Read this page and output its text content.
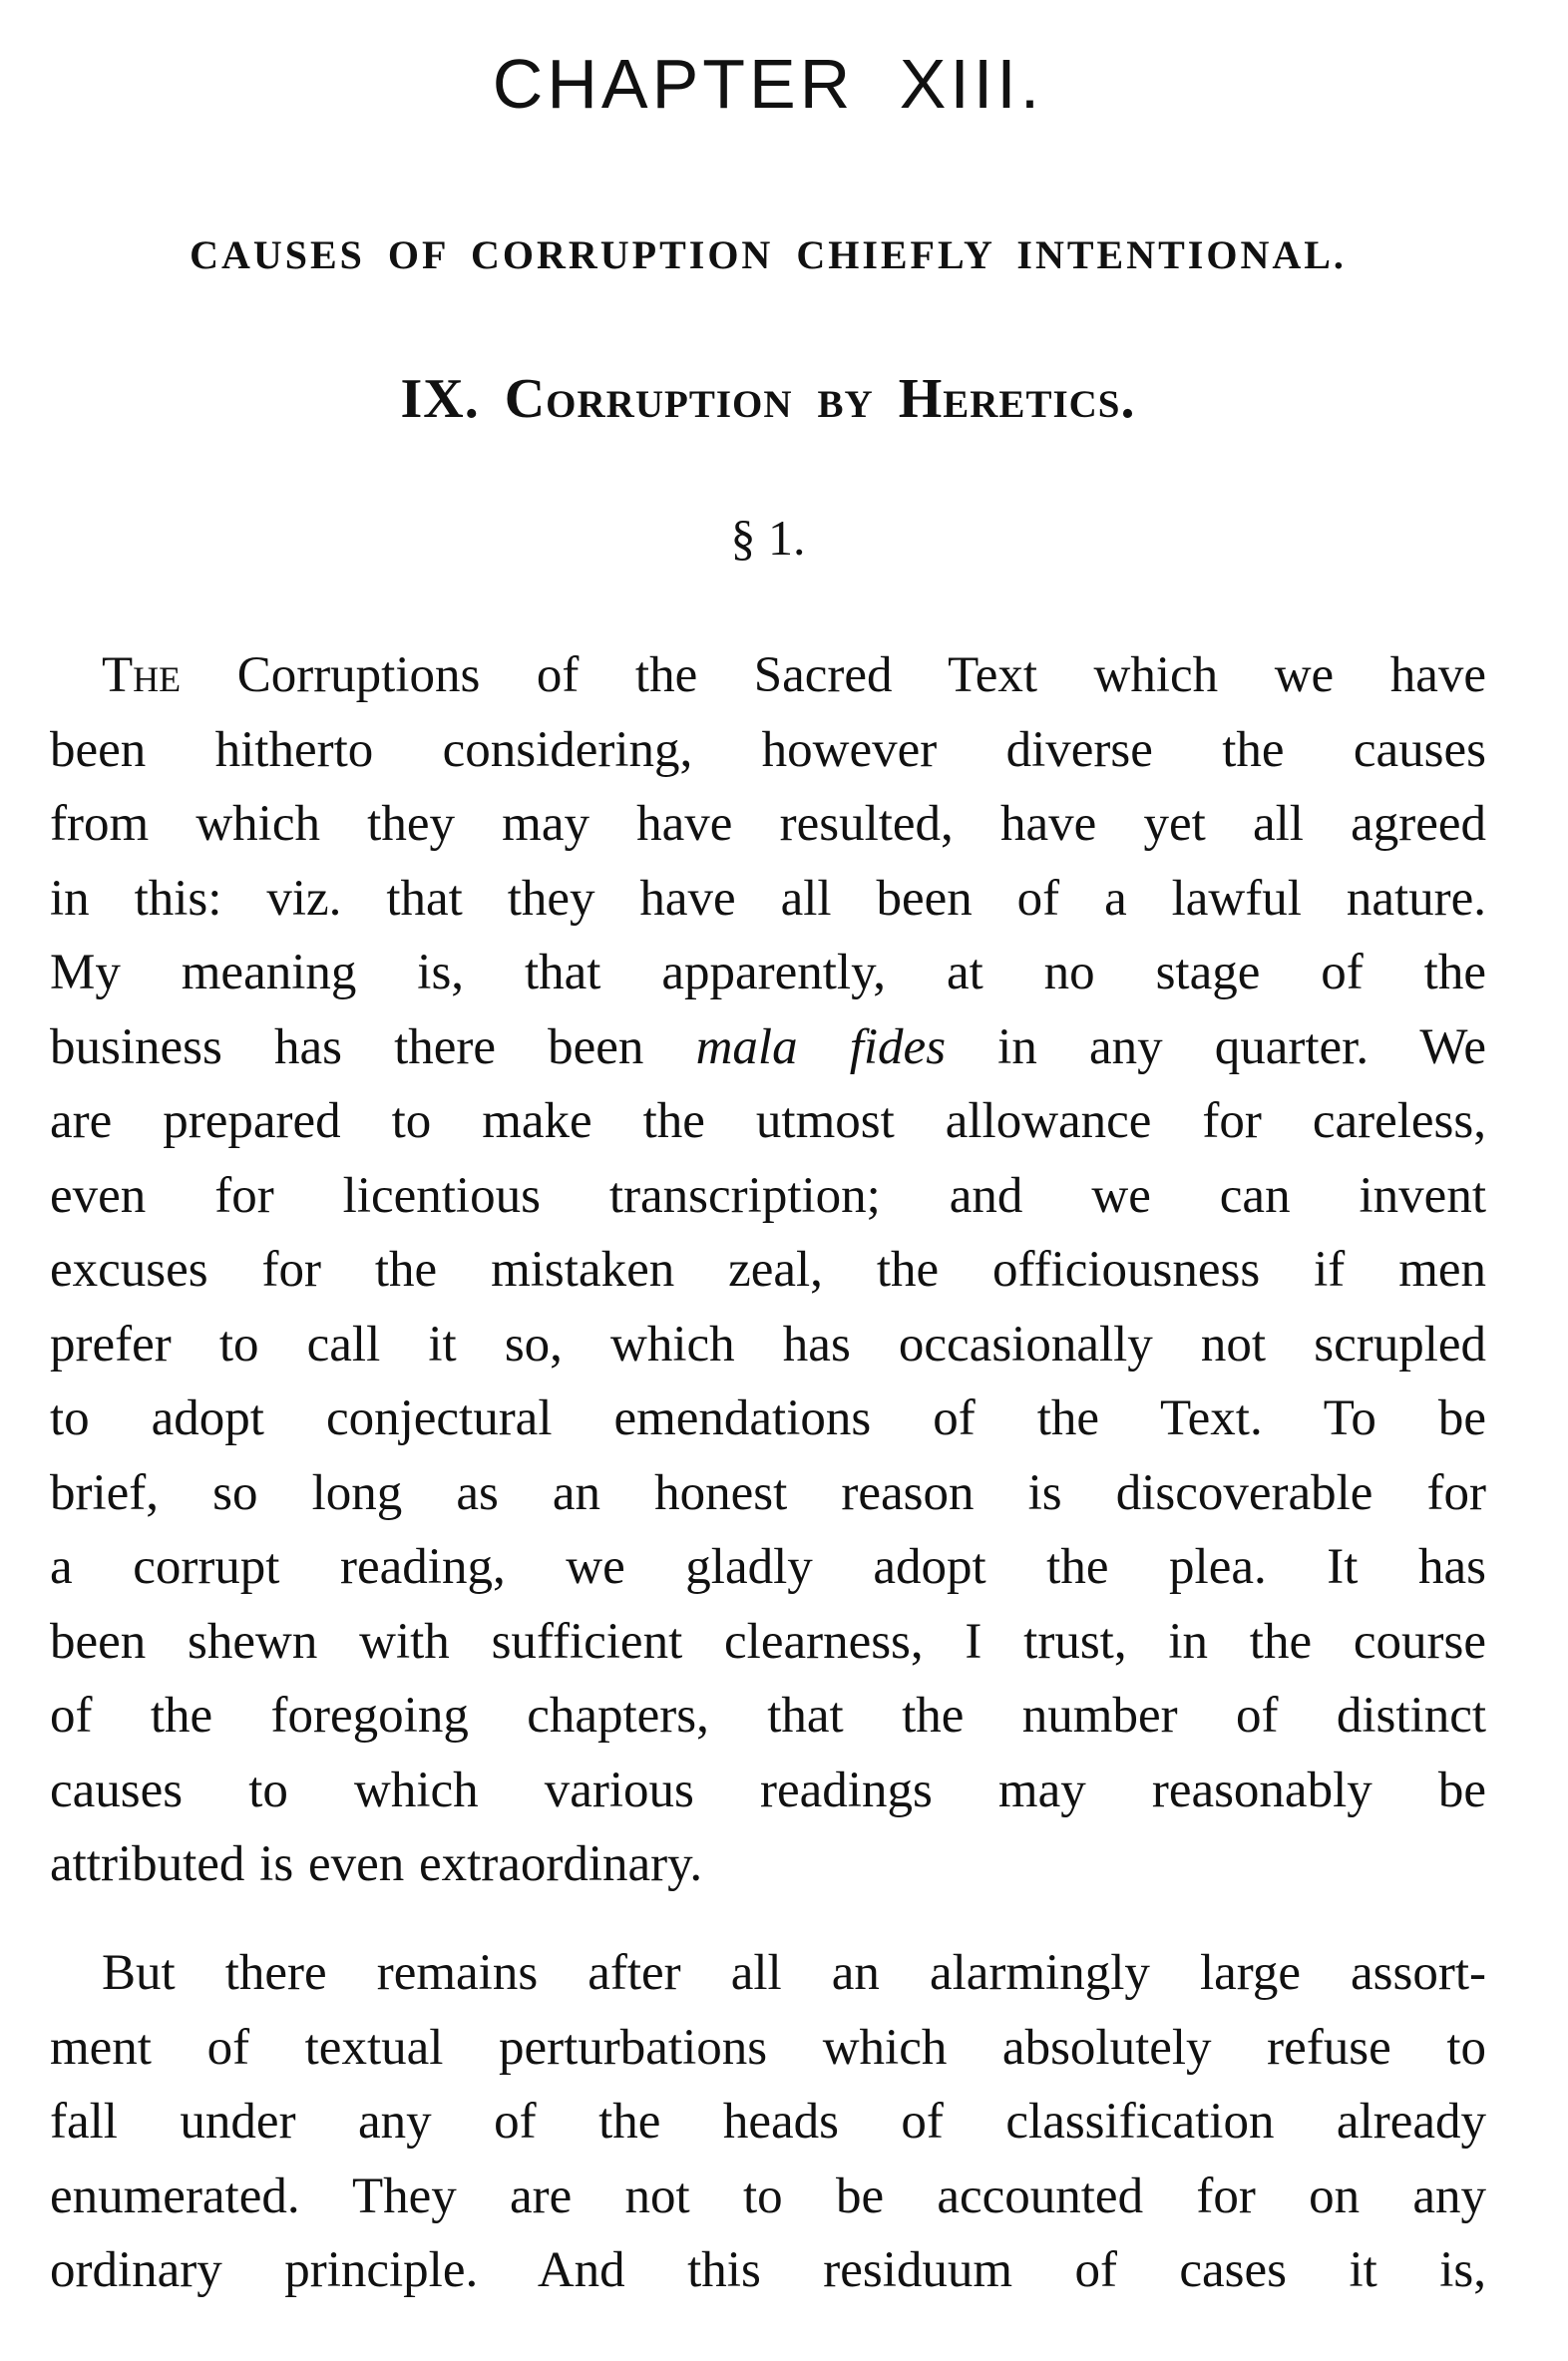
CHAPTER XIII.
CAUSES OF CORRUPTION CHIEFLY INTENTIONAL.
IX. Corruption by Heretics.
§ 1.
The Corruptions of the Sacred Text which we have
been hitherto considering, however diverse the causes
from which they may have resulted, have yet all agreed
in this: viz. that they have all been of a lawful nature.
My meaning is, that apparently, at no stage of the
business has there been mala fides in any quarter. We
are prepared to make the utmost allowance for careless,
even for licentious transcription; and we can invent
excuses for the mistaken zeal, the officiousness if men
prefer to call it so, which has occasionally not scrupled
to adopt conjectural emendations of the Text. To be
brief, so long as an honest reason is discoverable for
a corrupt reading, we gladly adopt the plea. It has
been shewn with sufficient clearness, I trust, in the course
of the foregoing chapters, that the number of distinct
causes to which various readings may reasonably be
attributed is even extraordinary.
But there remains after all an alarmingly large assort-
ment of textual perturbations which absolutely refuse to
fall under any of the heads of classification already
enumerated. They are not to be accounted for on any
ordinary principle. And this residuum of cases it is,
